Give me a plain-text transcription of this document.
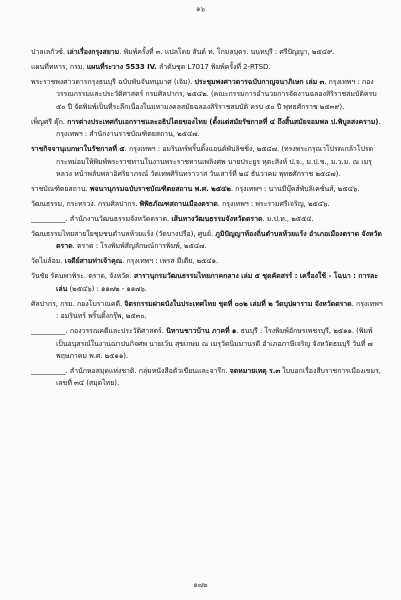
๑๖
ปาลเลกัวซ์. เล่าเรื่องกรุงสยาม. พิมพ์ครั้งที่ ๓. แปลโดย สันต์ ท. โกมลบุตร. นนทบุรี : ศรีปัญญา, ๒๕๔๙.
แผนที่ทหาร, กรม. แผนที่ระวาง 5533 IV. ลำดับชุด L7017 พิมพ์ครั้งที่ 2-RTSD.
พระราชพงศาวดารกรุงธนบุรี ฉบับพันจันทนุมาศ (เจิม). ประชุมพงศาวดารฉบับกาญจนาภิเษก เล่ม ๓. กรุงเทพฯ : กองวรรณกรรมและประวัติศาสตร์ กรมศิลปากร, ๒๕๔๒. (คณะกรรมการอำนวยการจัดงานฉลองสิริราชสมบัติครบ ๕๐ ปี จัดพิมพ์เป็นที่ระลึกเนื่องในมหามงคลสมัยฉลองสิริราชสมบัติ ครบ ๕๐ ปี พุทธศักราช ๒๕๓๙).
เพ็ญศรี ดุ๊ก. การต่างประเทศกับเอกราชและอธิปไตยของไทย (ตั้งแต่สมัยรัชกาลที่ ๔ ถึงสิ้นสมัยจอมพล ป.พิบูลสงคราม). กรุงเทพฯ : สำนักงานราชบัณฑิตยสถาน, ๒๕๔๗.
ราชกิจจานุเบกษาในรัชกาลที่ ๕. กรุงเทพฯ : อมรินทร์พริ้นติ้งแอนด์พับลิชชิ่ง, ๒๕๔๗. (ทรงพระกรุณาโปรดเกล้าโปรดกระหม่อมให้พิมพ์พระราชทานในงานพระราชทานเพลิงศพ นายประยูร หุตะสิงห์ ป.จ., ม.ป.ช., ม.ว.ม. ณ เมรุหลวง หน้าพลับพลาอิศริยาภรณ์ วัดเทพศิรินทราวาส วันเสาร์ที่ ๒๔ ธันวาคม พุทธศักราช ๒๕๔๗).
ราชบัณฑิตยสถาน. พจนานุกรมฉบับราชบัณฑิตยสถาน พ.ศ. ๒๕๔๒. กรุงเทพฯ : นานมีบุ๊คส์พับลิเคชั่นส์, ๒๕๔๖.
วัฒนธรรม, กระทรวง. กรมศิลปากร. พิพิธภัณฑสถานเมืองตราด. กรุงเทพฯ : พระรามศรีเจริญ, ๒๕๔๖.
__________. สำนักงานวัฒนธรรมจังหวัดตราด. เส้นทางวัฒนธรรมจังหวัดตราด. ม.ป.ท., ๒๕๕๔.
วัฒนธรรมไทยสายใยชุมชนตำบลห้วยแร้ง (วัดบางปรือ), ศูนย์. ภูมิปัญญาท้องถิ่นตำบลห้วยแร้ง อำเภอเมืองตราด จังหวัดตราด. ตราด : โรงพิมพ์สัญลักษณ์การพิมพ์, ๒๕๔๗.
วัดไม่ล้อม. เจดีย์สามท่าเจ้าคุณ. กรุงเทพฯ : เพรส มีเดีย, ๒๕๔๑.
วันชัย รัตนพาพิระ. ตราด, จังหวัด. สารานุกรมวัฒนธรรมไทยภาคกลาง เล่ม ๕ ชุดคัดสรร์ : เครื่องใช้ - โฉนา : การละเล่น (๒๕๔๖) : ๑๑๗๒ - ๑๑๗๖.
ศิลปากร, กรม. กองโบราณคดี. จิตรกรรมฝาผนังในประเทศไทย ชุดที่ ๐๐๒ เล่มที่ ๒ วัดบุปผาราม จังหวัดตราด. กรุงเทพฯ : อมรินทร์ พริ้นติ้งกรุ๊พ, ๒๕๓๐.
__________. กองวรรณคดีและประวัติศาสตร์. นิทานชาวบ้าน ภาคที่ ๑. ธนบุรี : โรงพิมพ์อักษรเพชรบุรี, ๒๕๑๑. (พิมพ์เป็นอนุสรณ์ในงานฌาปนกิจศพ นายเว้น สุขเกษม ณ เมรุวัดนิมมานรดี อำเภอภาษีเจริญ จังหวัดธนบุรี วันที่ ๗ พฤษภาคม พ.ศ. ๒๕๑๑).
__________. สำนักหอสมุดแห่งชาติ. กลุ่มหนังสือตัวเขียนและจารึก. จดหมายเหตุ ร.๓ ใบบอกเรื่องสืบราชการเมืองเขมร, เลขที่ ๓๔ (สมุดไทย).
๑๗๒
